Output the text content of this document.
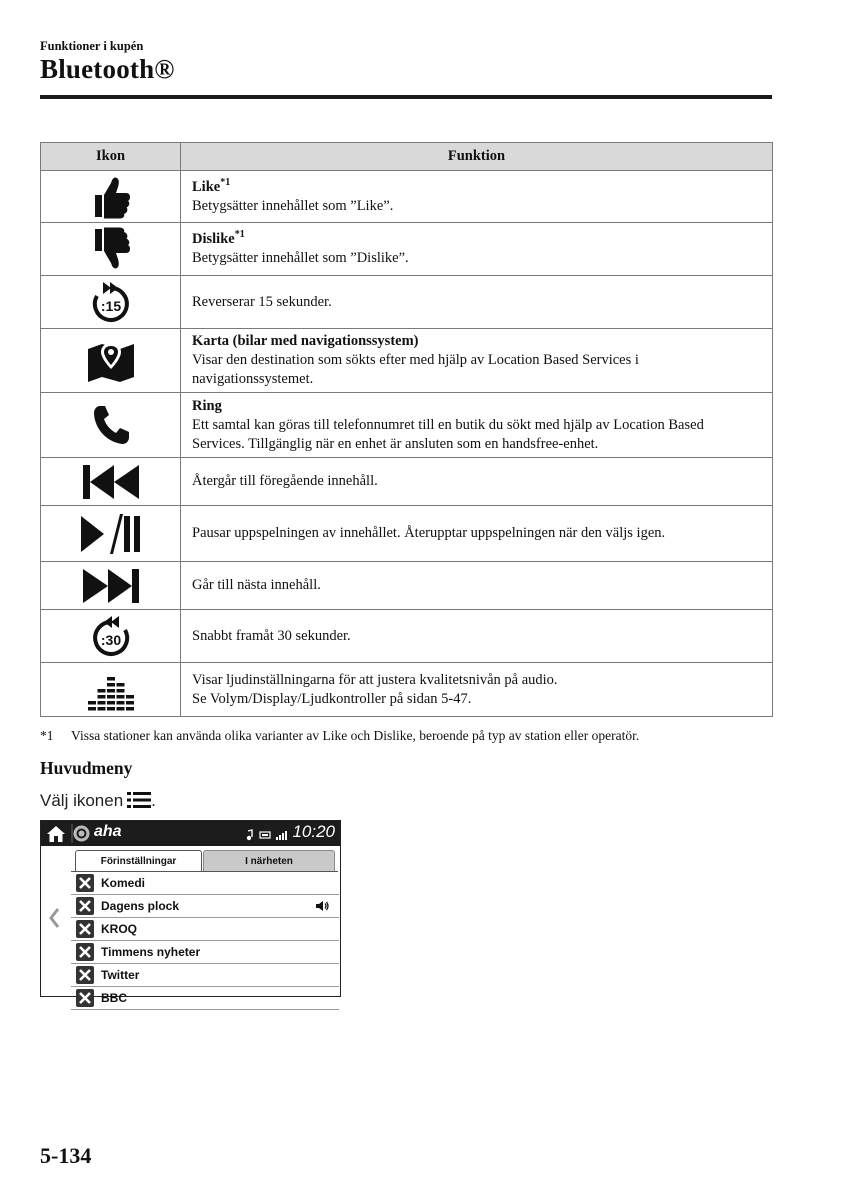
Funktioner i kupén
Bluetooth®
Ikon	Funktion

Like$^{*1}$
Betygsätter innehållet som ”Like”.

Dislike$^{*1}$
Betygsätter innehållet som ”Dislike”.

:15	Reverserar 15 sekunder.

Karta (bilar med navigationssystem)
Visar den destination som sökts efter med hjälp av Location Based Services i navigationssystemet.

Ring
Ett samtal kan göras till telefonnumret till en butik du sökt med hjälp av Location Based Services. Tillgänglig när en enhet är ansluten som en handsfree-enhet.

Återgår till föregående innehåll.

Pausar uppspelningen av innehållet. Återupptar uppspelningen när den väljs igen.

Går till nästa innehåll.

:30	Snabbt framåt 30 sekunder.

Visar ljudinställningarna för att justera kvalitetsnivån på audio.
Se Volym/Display/Ljudkontroller på sidan 5-47.
*1 Vissa stationer kan använda olika varianter av Like och Dislike, beroende på typ av station eller operatör.
Huvudmeny
Välj ikonen .
aha	10:20
Förinställningar	I närheten
Komedi
Dagens plock
KROQ
Timmens nyheter
Twitter
BBC
5-134
